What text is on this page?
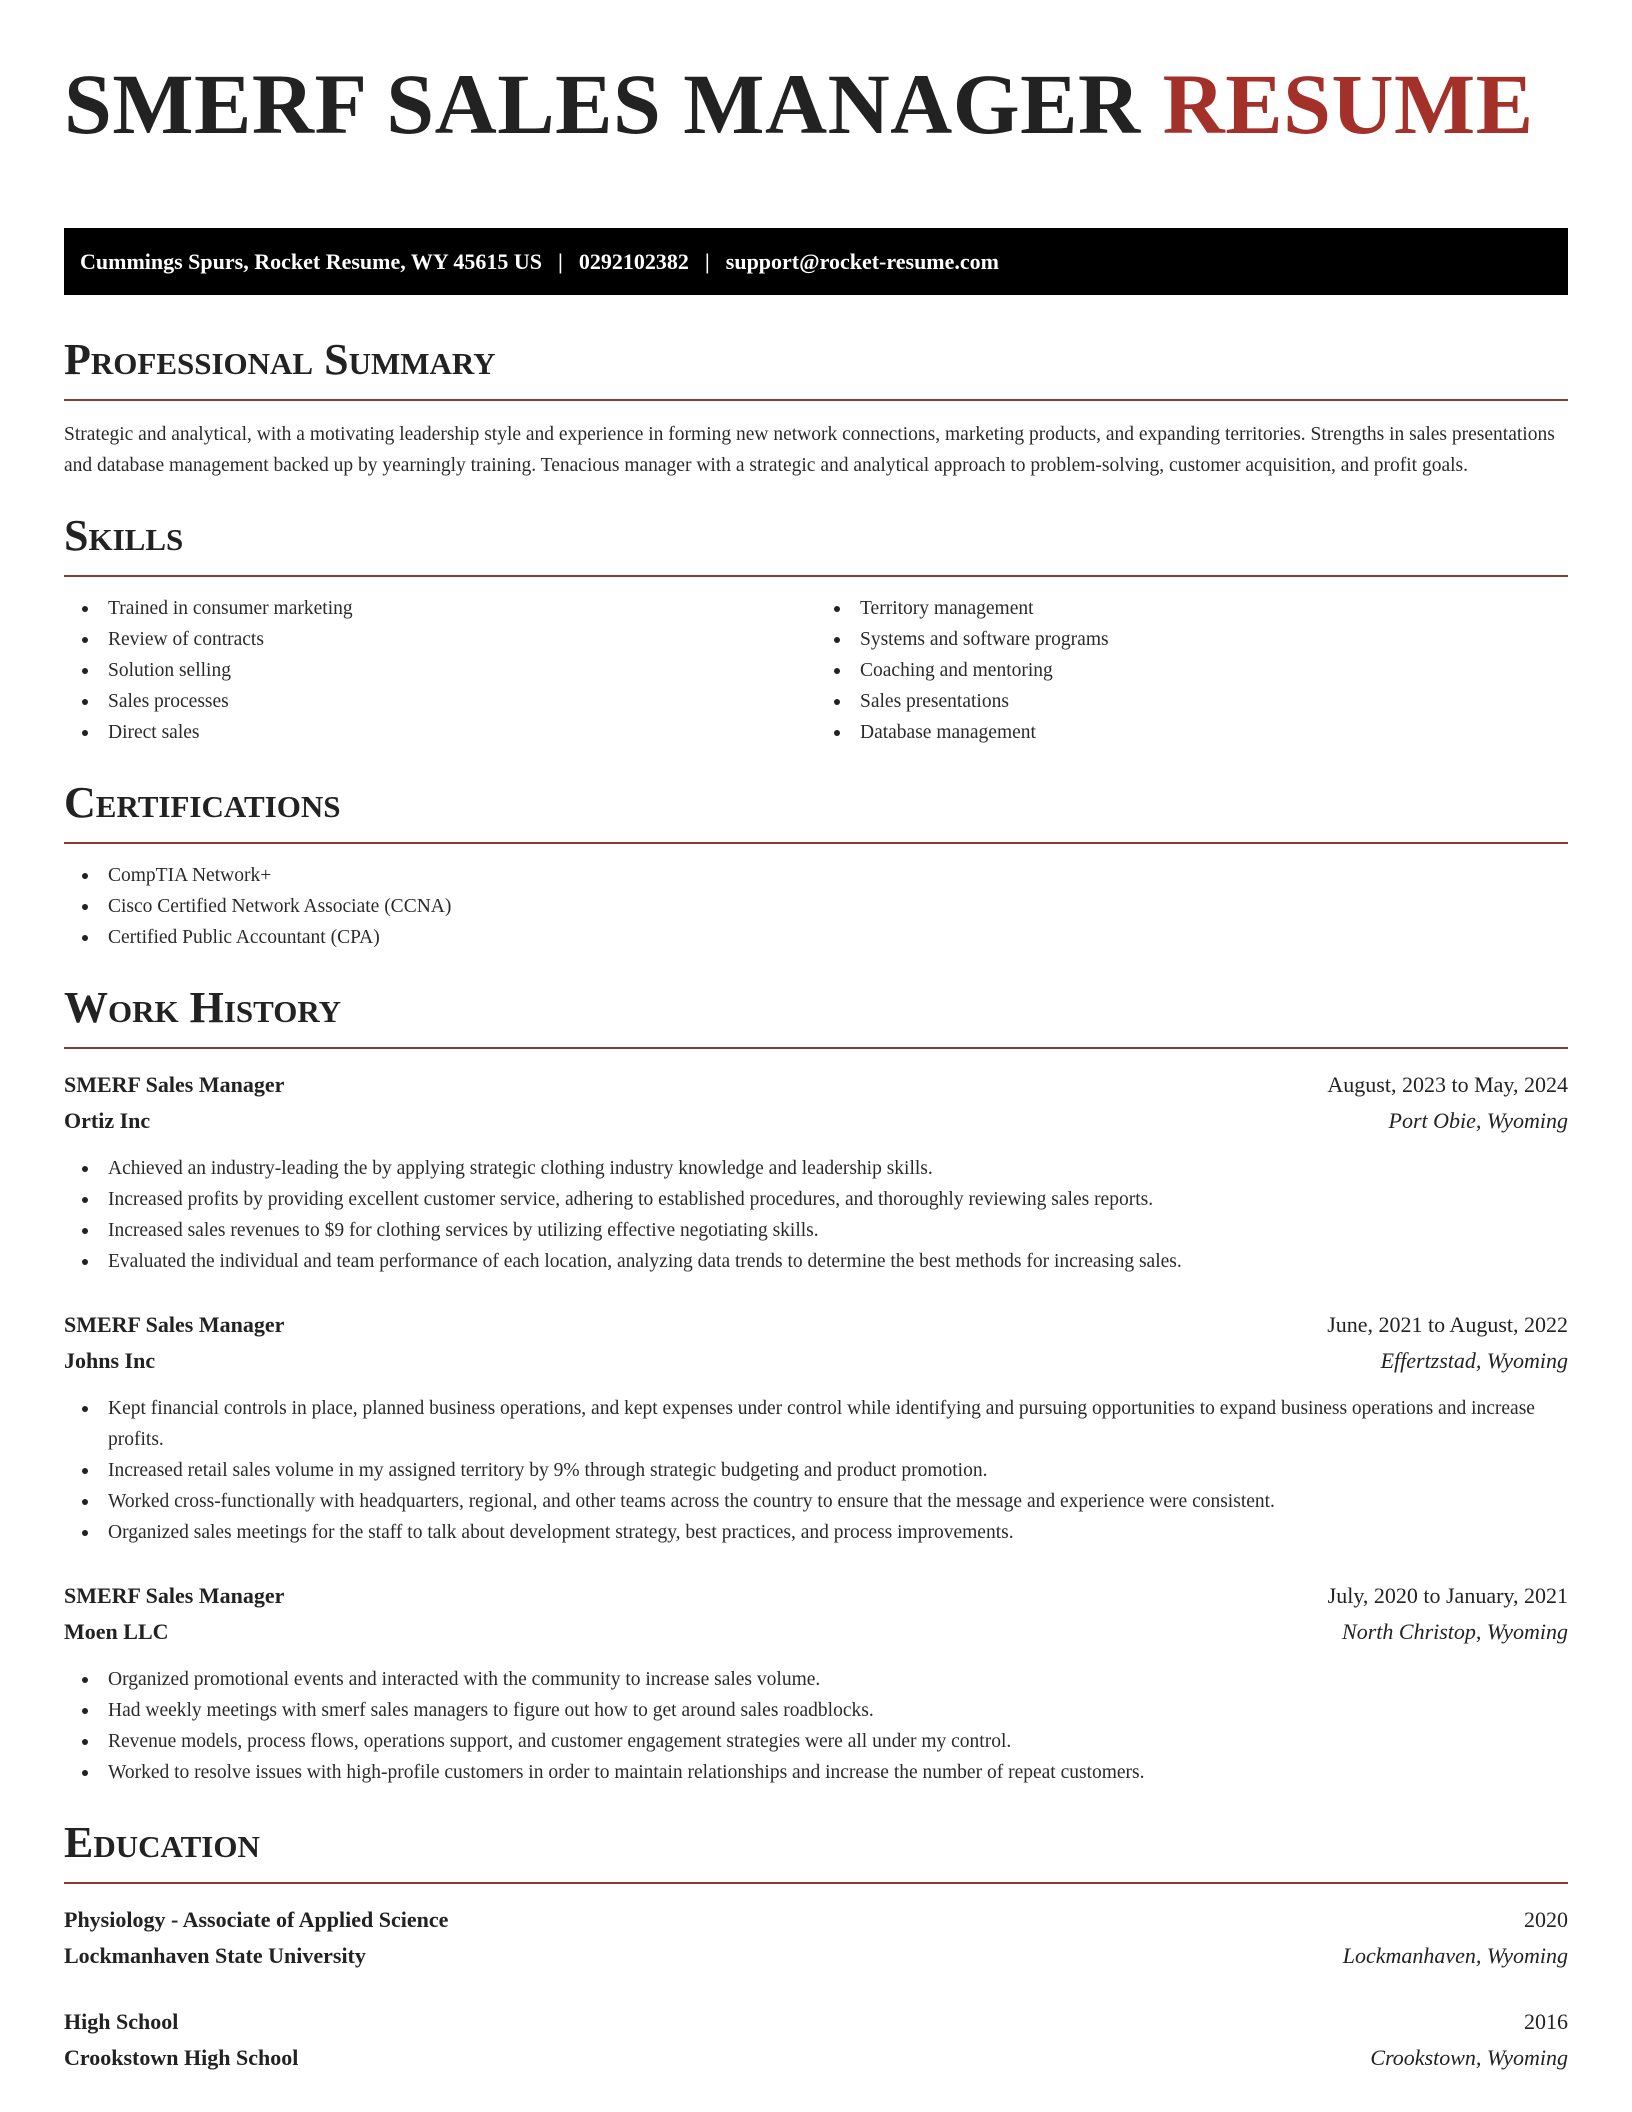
SMERF SALES MANAGER RESUME
Cummings Spurs, Rocket Resume, WY 45615 US | 0292102382 | support@rocket-resume.com
Professional Summary

Strategic and analytical, with a motivating leadership style and experience in forming new network connections, marketing products, and expanding territories. Strengths in sales presentations and database management backed up by yearningly training. Tenacious manager with a strategic and analytical approach to problem-solving, customer acquisition, and profit goals.

Skills
Trained in consumer marketing
Review of contracts
Solution selling
Sales processes
Direct sales
Territory management
Systems and software programs
Coaching and mentoring
Sales presentations
Database management
Certifications
CompTIA Network+
Cisco Certified Network Associate (CCNA)
Certified Public Accountant (CPA)
Work History
SMERF Sales Manager	August, 2023 to May, 2024
Ortiz Inc	Port Obie, Wyoming
Achieved an industry-leading the by applying strategic clothing industry knowledge and leadership skills.
Increased profits by providing excellent customer service, adhering to established procedures, and thoroughly reviewing sales reports.
Increased sales revenues to $9 for clothing services by utilizing effective negotiating skills.
Evaluated the individual and team performance of each location, analyzing data trends to determine the best methods for increasing sales.
SMERF Sales Manager	June, 2021 to August, 2022
Johns Inc	Effertzstad, Wyoming
Kept financial controls in place, planned business operations, and kept expenses under control while identifying and pursuing opportunities to expand business operations and increase profits.
Increased retail sales volume in my assigned territory by 9% through strategic budgeting and product promotion.
Worked cross-functionally with headquarters, regional, and other teams across the country to ensure that the message and experience were consistent.
Organized sales meetings for the staff to talk about development strategy, best practices, and process improvements.
SMERF Sales Manager	July, 2020 to January, 2021
Moen LLC	North Christop, Wyoming
Organized promotional events and interacted with the community to increase sales volume.
Had weekly meetings with smerf sales managers to figure out how to get around sales roadblocks.
Revenue models, process flows, operations support, and customer engagement strategies were all under my control.
Worked to resolve issues with high-profile customers in order to maintain relationships and increase the number of repeat customers.
Education
Physiology - Associate of Applied Science	2020
Lockmanhaven State University	Lockmanhaven, Wyoming
High School	2016
Crookstown High School	Crookstown, Wyoming
